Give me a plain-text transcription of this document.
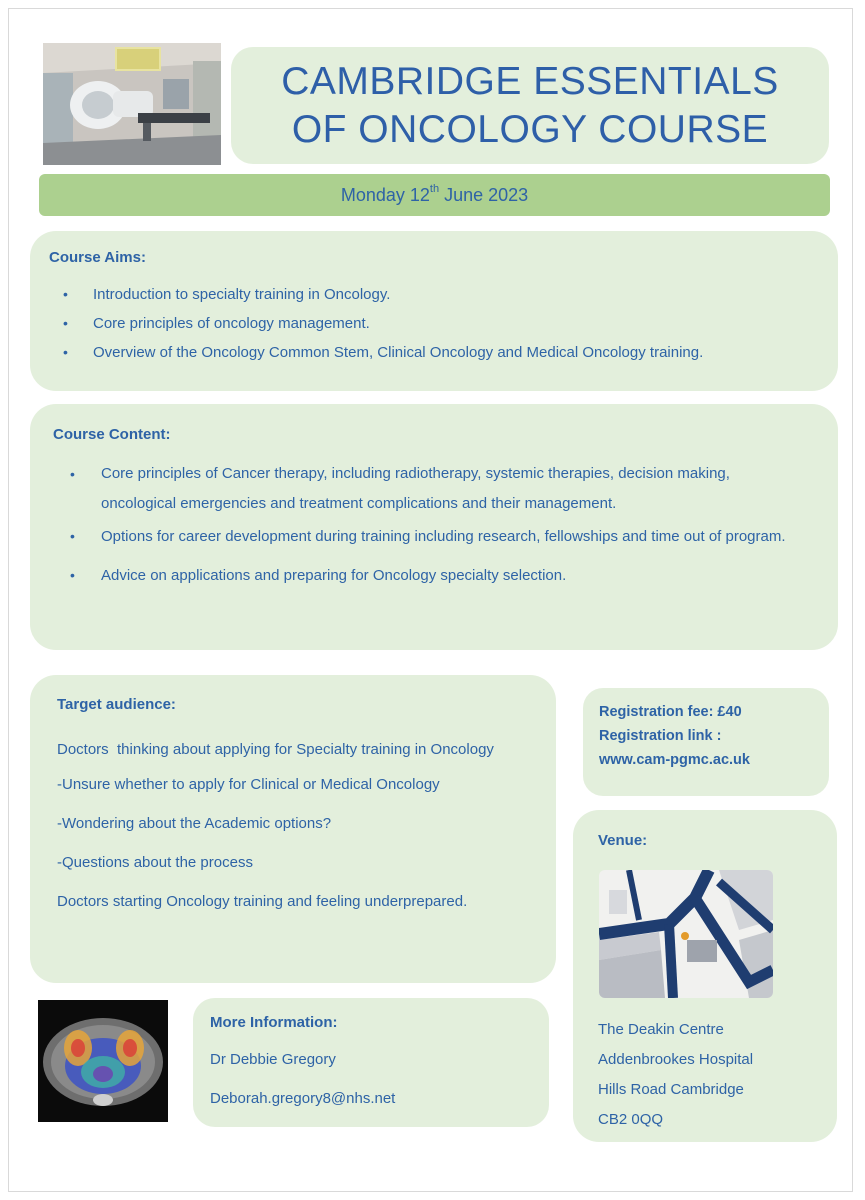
CAMBRIDGE ESSENTIALS
OF ONCOLOGY COURSE
Monday 12th June 2023
Course Aims:
• Introduction to specialty training in Oncology.
• Core principles of oncology management.
• Overview of the Oncology Common Stem, Clinical Oncology and Medical Oncology training.
Course Content:
• Core principles of Cancer therapy, including radiotherapy, systemic therapies, decision making, oncological emergencies and treatment complications and their management.
• Options for career development during training including research, fellowships and time out of program.
• Advice on applications and preparing for Oncology specialty selection.
Target audience:

Doctors  thinking about applying for Specialty training in Oncology

-Unsure whether to apply for Clinical or Medical Oncology

-Wondering about the Academic options?

-Questions about the process

Doctors starting Oncology training and feeling underprepared.

Registration fee: £40
Registration link :
www.cam-pgmc.ac.uk
Venue:
The Deakin Centre
Addenbrookes Hospital
Hills Road Cambridge
CB2 0QQ
More Information:

Dr Debbie Gregory

Deborah.gregory8@nhs.net
